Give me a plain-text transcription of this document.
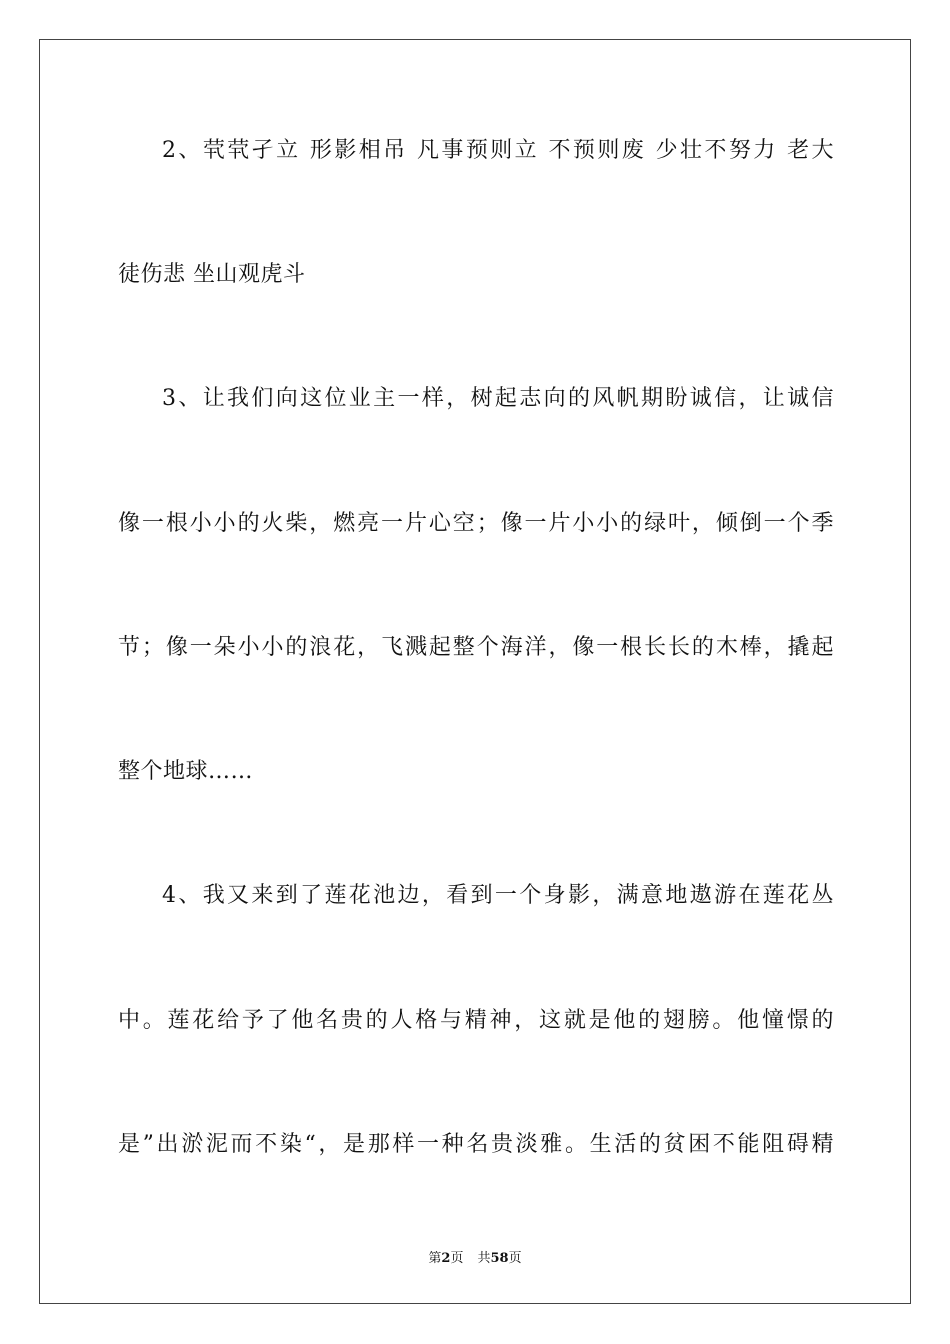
2、茕茕孑立 形影相吊 凡事预则立 不预则废 少壮不努力 老大
徒伤悲 坐山观虎斗
3、让我们向这位业主一样，树起志向的风帆期盼诚信，让诚信
像一根小小的火柴，燃亮一片心空；像一片小小的绿叶，倾倒一个季
节；像一朵小小的浪花，飞溅起整个海洋，像一根长长的木棒，撬起
整个地球……
4、我又来到了莲花池边，看到一个身影，满意地遨游在莲花丛
中。莲花给予了他名贵的人格与精神，这就是他的翅膀。他憧憬的
是”出淤泥而不染“，是那样一种名贵淡雅。生活的贫困不能阻碍精
第2页 共58页
